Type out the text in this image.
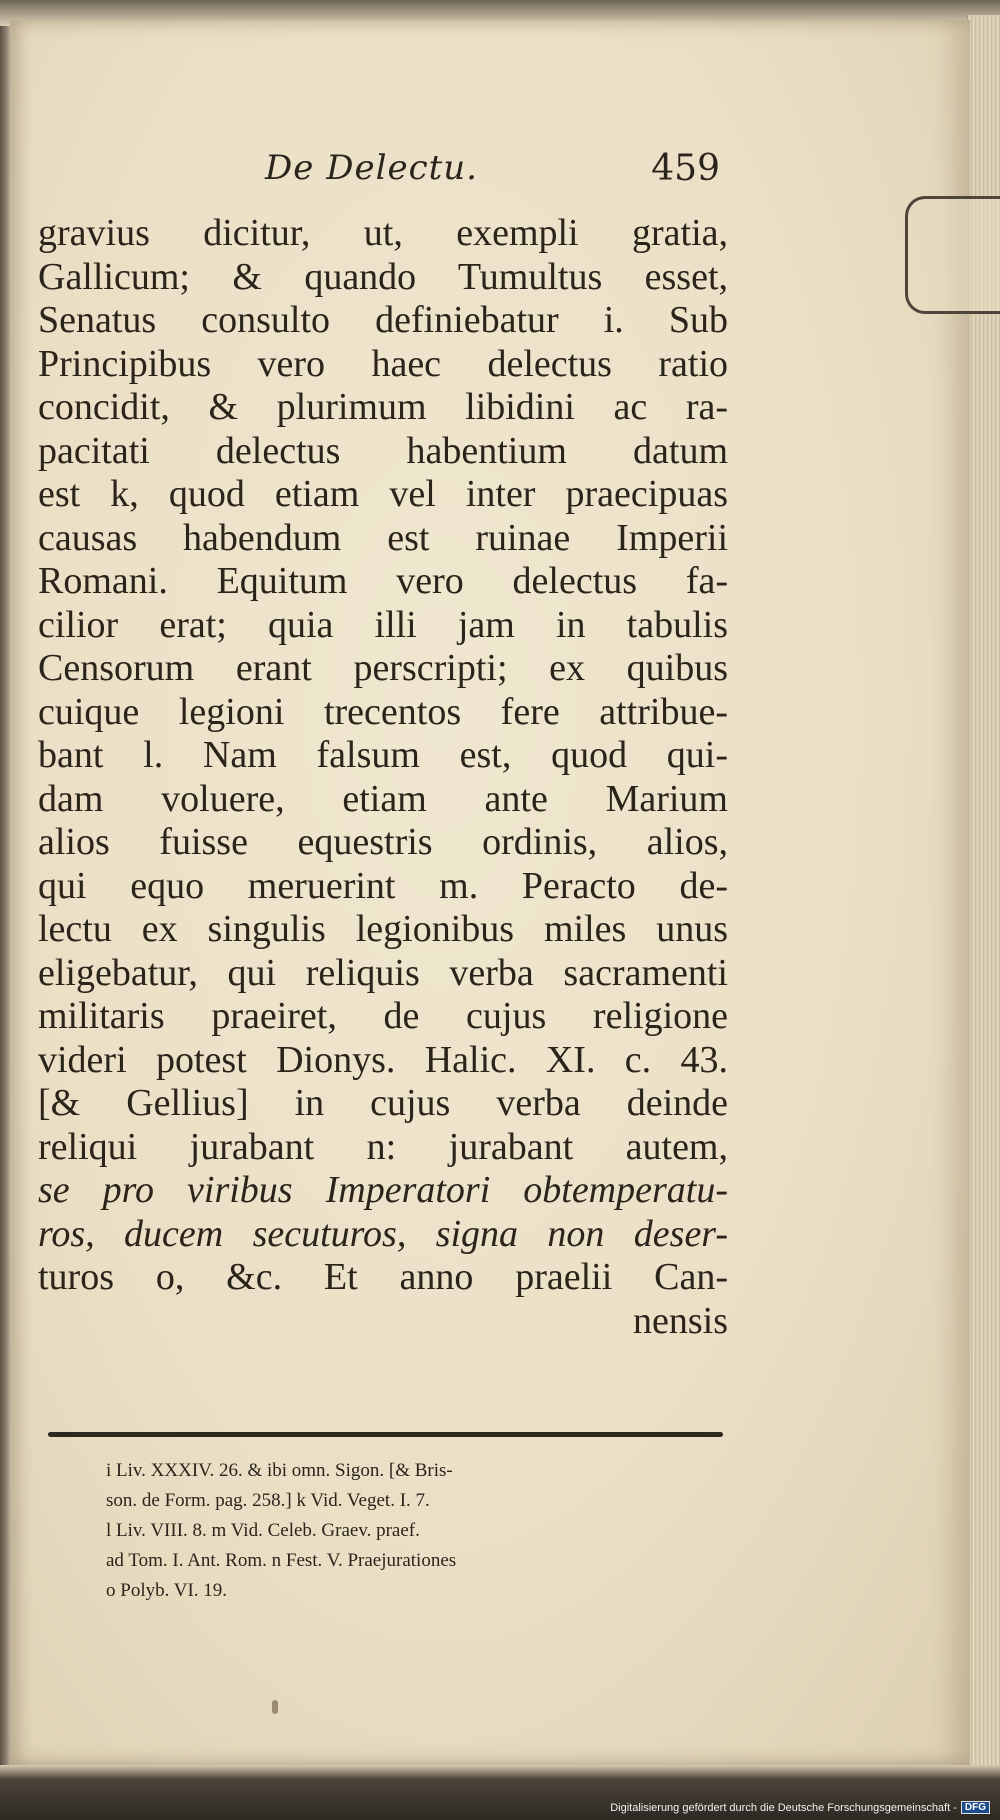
De Delectu.	459
gravius dicitur, ut, exempli gratia,
Gallicum; & quando Tumultus esset,
Senatus consulto definiebatur i. Sub
Principibus vero haec delectus ratio
concidit, & plurimum libidini ac ra-
pacitati delectus habentium datum
est k, quod etiam vel inter praecipuas
causas habendum est ruinae Imperii
Romani. Equitum vero delectus fa-
cilior erat; quia illi jam in tabulis
Censorum erant perscripti; ex quibus
cuique legioni trecentos fere attribue-
bant l. Nam falsum est, quod qui-
dam voluere, etiam ante Marium
alios fuisse equestris ordinis, alios,
qui equo meruerint m. Peracto de-
lectu ex singulis legionibus miles unus
eligebatur, qui reliquis verba sacramenti
militaris praeiret, de cujus religione
videri potest Dionys. Halic. XI. c. 43.
[& Gellius] in cujus verba deinde
reliqui jurabant n: jurabant autem,
se pro viribus Imperatori obtemperatu-
ros, ducem secuturos, signa non deser-
turos o, &c. Et anno praelii Can-
nensis
i Liv. XXXIV. 26. & ibi omn. Sigon. [& Bris-
son. de Form. pag. 258.] k Vid. Veget. I. 7.
l Liv. VIII. 8. m Vid. Celeb. Graev. praef.
ad Tom. I. Ant. Rom. n Fest. V. Praejurationes
o Polyb. VI. 19.
Digitalisierung gefördert durch die Deutsche Forschungsgemeinschaft - DFG
